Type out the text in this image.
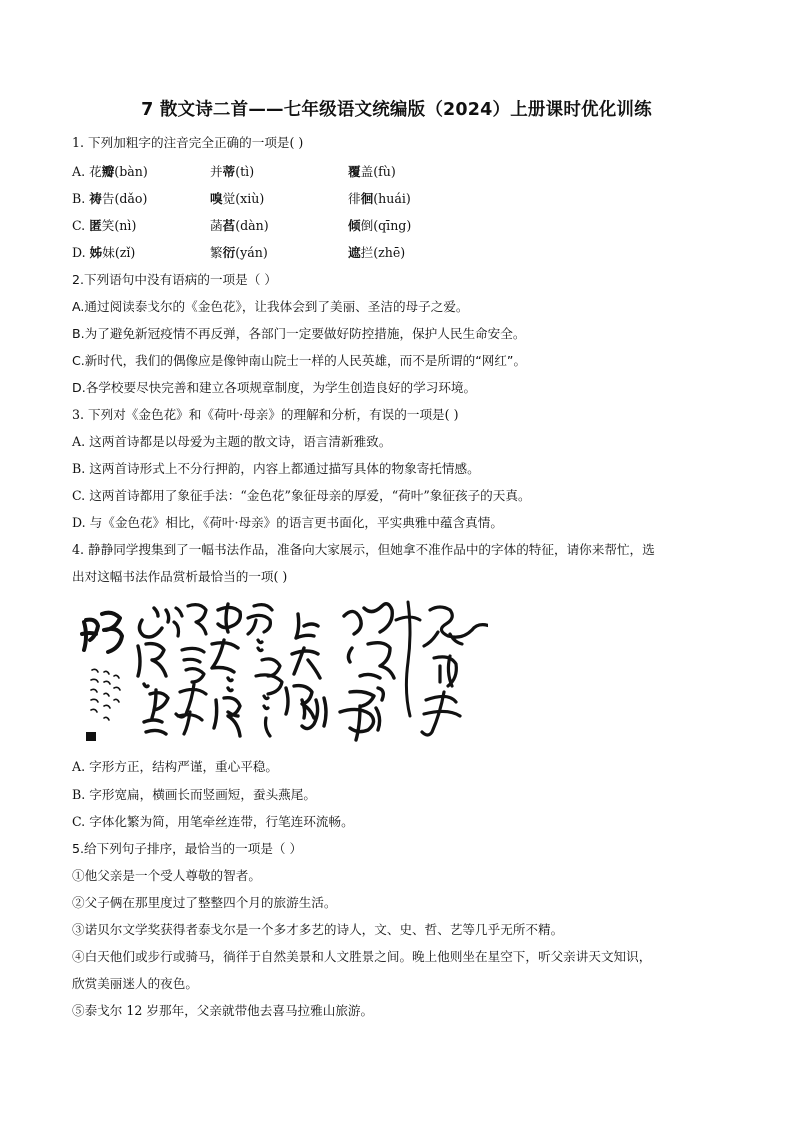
7 散文诗二首——七年级语文统编版（2024）上册课时优化训练
1. 下列加粗字的注音完全正确的一项是( )
A. 花瓣(bàn)	并蒂(tì)	覆盖(fù)
B. 祷告(dǎo)	嗅觉(xiù)	徘徊(huái)
C. 匿笑(nì)	菡萏(dàn)	倾倒(qīng)
D. 姊妹(zǐ)	繁衍(yán)	遮拦(zhē)
2.下列语句中没有语病的一项是（ ）
A.通过阅读泰戈尔的《金色花》，让我体会到了美丽、圣洁的母子之爱。
B.为了避免新冠疫情不再反弹，各部门一定要做好防控措施，保护人民生命安全。
C.新时代，我们的偶像应是像钟南山院士一样的人民英雄，而不是所谓的“网红”。
D.各学校要尽快完善和建立各项规章制度，为学生创造良好的学习环境。
3. 下列对《金色花》和《荷叶·母亲》的理解和分析，有误的一项是( )
A. 这两首诗都是以母爱为主题的散文诗，语言清新雅致。
B. 这两首诗形式上不分行押韵，内容上都通过描写具体的物象寄托情感。
C. 这两首诗都用了象征手法：“金色花”象征母亲的厚爱，“荷叶”象征孩子的天真。
D. 与《金色花》相比，《荷叶·母亲》的语言更书面化，平实典雅中蕴含真情。
4. 静静同学搜集到了一幅书法作品，准备向大家展示，但她拿不准作品中的字体的特征，请你来帮忙，选
出对这幅书法作品赏析最恰当的一项( )
A. 字形方正，结构严谨，重心平稳。
B. 字形宽扁，横画长而竖画短，蚕头燕尾。
C. 字体化繁为简，用笔牵丝连带，行笔连环流畅。
5.给下列句子排序，最恰当的一项是（ ）
①他父亲是一个受人尊敬的智者。
②父子俩在那里度过了整整四个月的旅游生活。
③诺贝尔文学奖获得者泰戈尔是一个多才多艺的诗人，文、史、哲、艺等几乎无所不精。
④白天他们或步行或骑马，徜徉于自然美景和人文胜景之间。晚上他则坐在星空下，听父亲讲天文知识，
欣赏美丽迷人的夜色。
⑤泰戈尔 12 岁那年，父亲就带他去喜马拉雅山旅游。
